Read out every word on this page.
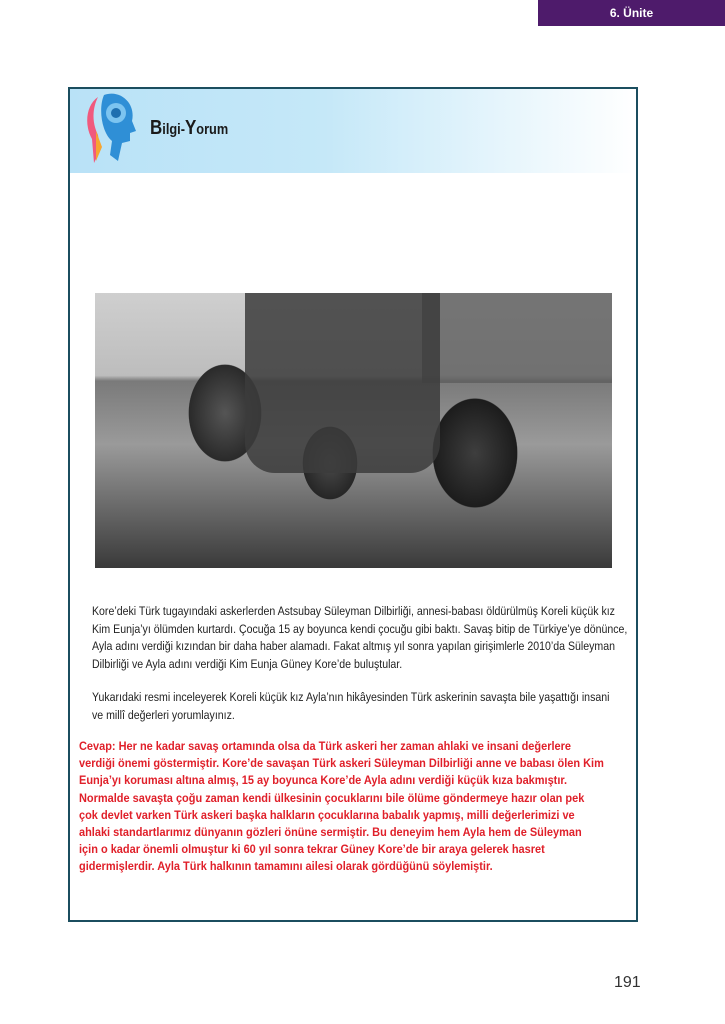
6. Ünite
Bilgi-Yorum
Kore’deki Türk tugayındaki askerlerden Astsubay Süleyman Dilbirliği, annesi-babası öldürülmüş Koreli küçük kız
Kim Eunja’yı ölümden kurtardı. Çocuğa 15 ay boyunca kendi çocuğu gibi baktı. Savaş bitip de Türkiye’ye dönünce,
Ayla adını verdiği kızından bir daha haber alamadı. Fakat altmış yıl sonra yapılan girişimlerle 2010’da Süleyman
Dilbirliği ve Ayla adını verdiği Kim Eunja Güney Kore’de buluştular.
Yukarıdaki resmi inceleyerek Koreli küçük kız Ayla’nın hikâyesinden Türk askerinin savaşta bile yaşattığı insani
ve millî değerleri yorumlayınız.
Cevap: Her ne kadar savaş ortamında olsa da Türk askeri her zaman ahlaki ve insani değerlere
verdiği önemi göstermiştir. Kore’de savaşan Türk askeri Süleyman Dilbirliği anne ve babası ölen Kim
Eunja’yı koruması altına almış, 15 ay boyunca Kore’de Ayla adını verdiği küçük kıza bakmıştır.
Normalde savaşta çoğu zaman kendi ülkesinin çocuklarını bile ölüme göndermeye hazır olan pek
çok devlet varken Türk askeri başka halkların çocuklarına babalık yapmış, milli değerlerimizi ve
ahlaki standartlarımız dünyanın gözleri önüne sermiştir. Bu deneyim hem Ayla hem de Süleyman
için o kadar önemli olmuştur ki 60 yıl sonra tekrar Güney Kore’de bir araya gelerek hasret
gidermişlerdir. Ayla Türk halkının tamamını ailesi olarak gördüğünü söylemiştir.
191
